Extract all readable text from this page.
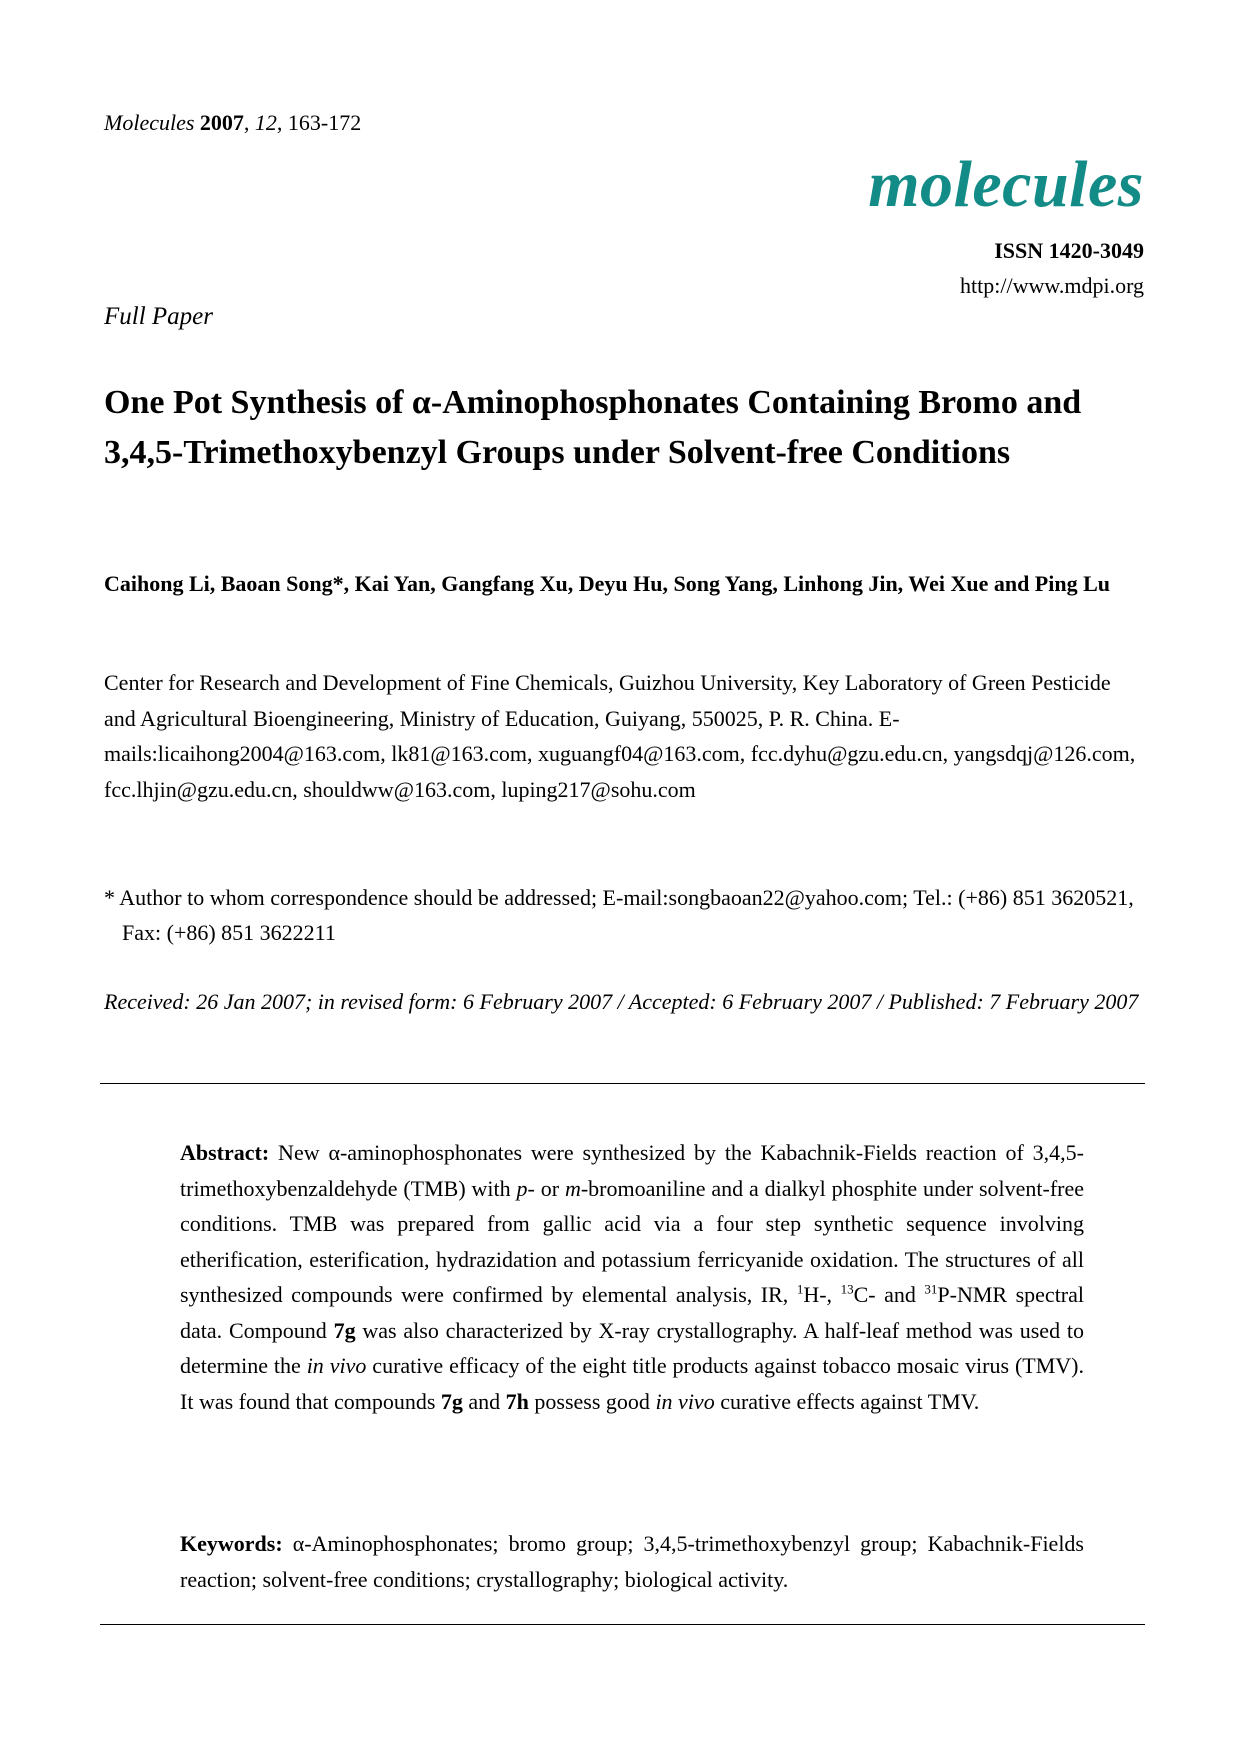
Molecules 2007, 12, 163-172
molecules
ISSN 1420-3049
http://www.mdpi.org
Full Paper
One Pot Synthesis of α-Aminophosphonates Containing Bromo and 3,4,5-Trimethoxybenzyl Groups under Solvent-free Conditions
Caihong Li, Baoan Song*, Kai Yan, Gangfang Xu, Deyu Hu, Song Yang, Linhong Jin, Wei Xue and Ping Lu
Center for Research and Development of Fine Chemicals, Guizhou University, Key Laboratory of Green Pesticide and Agricultural Bioengineering, Ministry of Education, Guiyang, 550025, P. R. China. E-mails:licaihong2004@163.com, lk81@163.com, xuguangf04@163.com, fcc.dyhu@gzu.edu.cn, yangsdqj@126.com, fcc.lhjin@gzu.edu.cn, shouldww@163.com, luping217@sohu.com
* Author to whom correspondence should be addressed; E-mail:songbaoan22@yahoo.com; Tel.: (+86) 851 3620521, Fax: (+86) 851 3622211
Received: 26 Jan 2007; in revised form: 6 February 2007 / Accepted: 6 February 2007 / Published: 7 February 2007
Abstract: New α-aminophosphonates were synthesized by the Kabachnik-Fields reaction of 3,4,5-trimethoxybenzaldehyde (TMB) with p- or m-bromoaniline and a dialkyl phosphite under solvent-free conditions. TMB was prepared from gallic acid via a four step synthetic sequence involving etherification, esterification, hydrazidation and potassium ferricyanide oxidation. The structures of all synthesized compounds were confirmed by elemental analysis, IR, $^1$H-, $^{13}$C- and $^{31}$P-NMR spectral data. Compound 7g was also characterized by X-ray crystallography. A half-leaf method was used to determine the in vivo curative efficacy of the eight title products against tobacco mosaic virus (TMV). It was found that compounds 7g and 7h possess good in vivo curative effects against TMV.
Keywords: α-Aminophosphonates; bromo group; 3,4,5-trimethoxybenzyl group; Kabachnik-Fields reaction; solvent-free conditions; crystallography; biological activity.
